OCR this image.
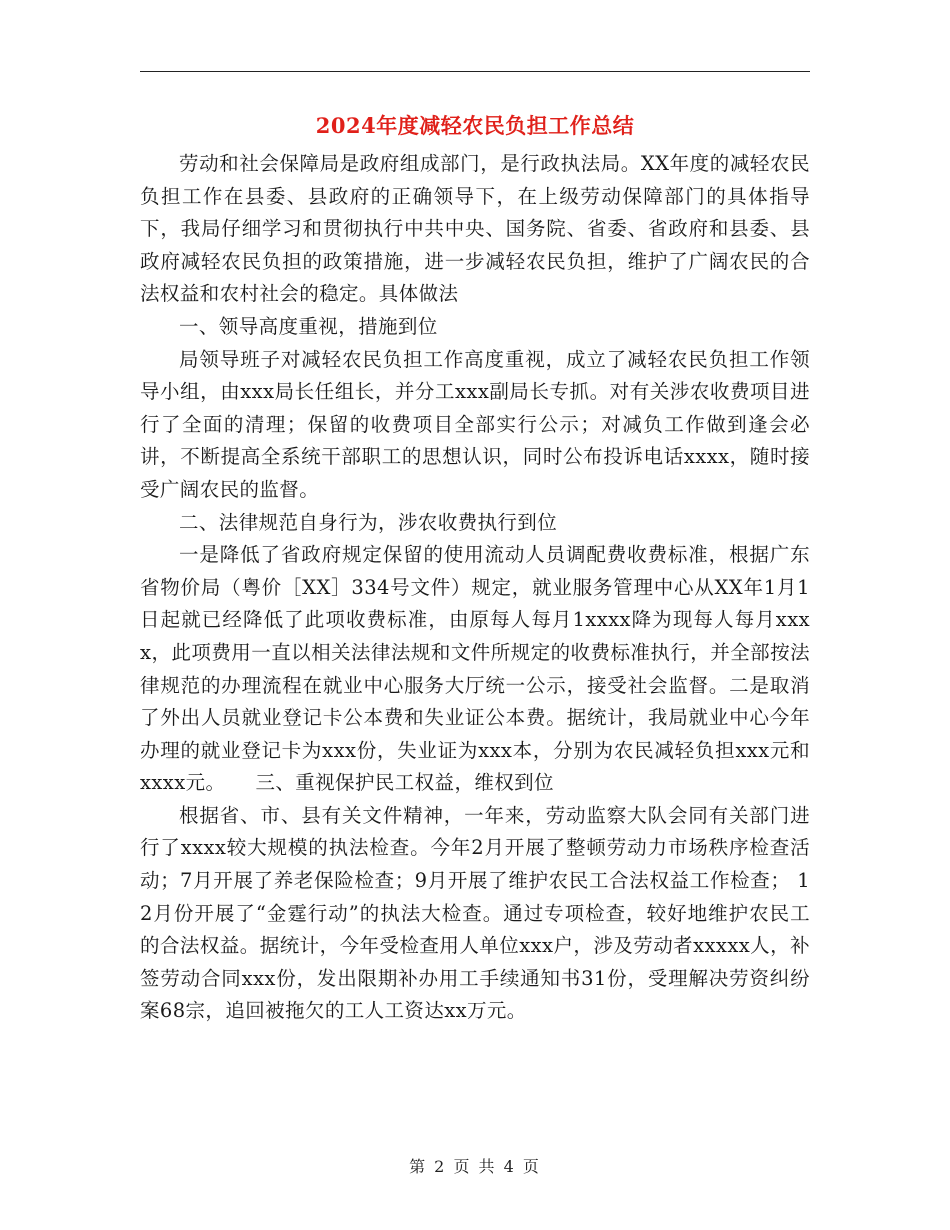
2024年度减轻农民负担工作总结

劳动和社会保障局是政府组成部门，是行政执法局。XX年度的减轻农民负担工作在县委、县政府的正确领导下，在上级劳动保障部门的具体指导下，我局仔细学习和贯彻执行中共中央、国务院、省委、省政府和县委、县政府减轻农民负担的政策措施，进一步减轻农民负担，维护了广阔农民的合法权益和农村社会的稳定。具体做法

一、领导高度重视，措施到位

局领导班子对减轻农民负担工作高度重视，成立了减轻农民负担工作领导小组，由xxx局长任组长，并分工xxx副局长专抓。对有关涉农收费项目进行了全面的清理；保留的收费项目全部实行公示；对减负工作做到逢会必讲，不断提高全系统干部职工的思想认识，同时公布投诉电话xxxx，随时接受广阔农民的监督。

二、法律规范自身行为，涉农收费执行到位

一是降低了省政府规定保留的使用流动人员调配费收费标准，根据广东省物价局（粤价［XX］334号文件）规定，就业服务管理中心从XX年1月1日起就已经降低了此项收费标准，由原每人每月1xxxx降为现每人每月xxxx，此项费用一直以相关法律法规和文件所规定的收费标准执行，并全部按法律规范的办理流程在就业中心服务大厅统一公示，接受社会监督。二是取消了外出人员就业登记卡公本费和失业证公本费。据统计，我局就业中心今年办理的就业登记卡为xxx份，失业证为xxx本，分别为农民减轻负担xxx元和xxxx元。　　三、重视保护民工权益，维权到位

根据省、市、县有关文件精神，一年来，劳动监察大队会同有关部门进行了xxxx较大规模的执法检查。今年2月开展了整顿劳动力市场秩序检查活动；7月开展了养老保险检查；9月开展了维护农民工合法权益工作检查； 12月份开展了“金霆行动”的执法大检查。通过专项检查，较好地维护农民工的合法权益。据统计，今年受检查用人单位xxx户，涉及劳动者xxxxx人，补签劳动合同xxx份，发出限期补办用工手续通知书31份，受理解决劳资纠纷案68宗，追回被拖欠的工人工资达xx万元。

第 2 页 共 4 页
